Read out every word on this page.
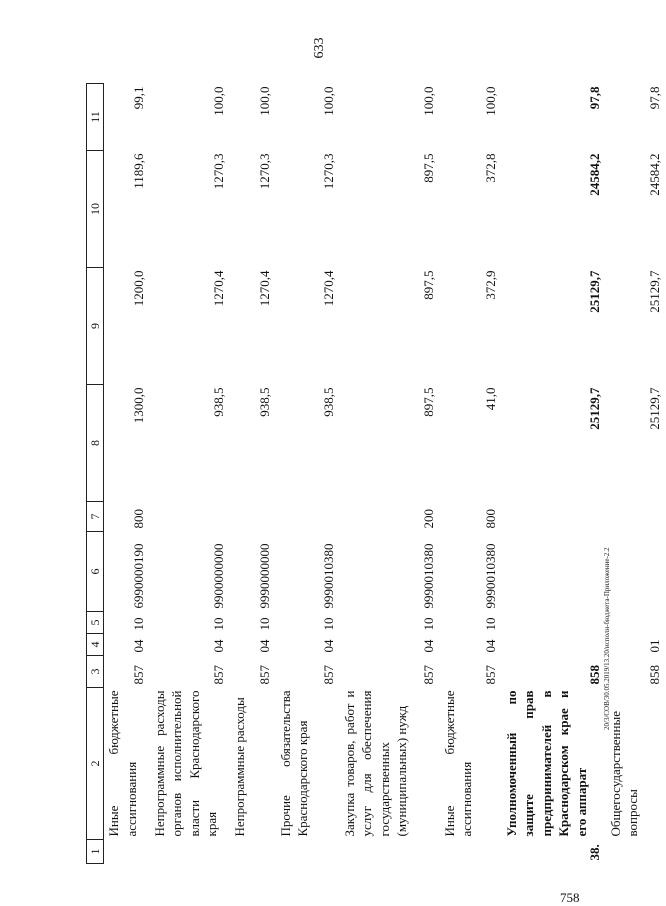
633
1	2	3	4	5	6	7	8	9	10	11
	Иные бюджетные ассигнования	857	04	10	6990000190	800	1300,0	1200,0	1189,6	99,1
	Непрограммные расходы органов исполнительной власти Краснодарского края	857	04	10	9900000000		938,5	1270,4	1270,3	100,0
	Непрограммные расходы	857	04	10	9990000000		938,5	1270,4	1270,3	100,0
	Прочие обязательства Краснодарского края	857	04	10	9990010380		938,5	1270,4	1270,3	100,0
	Закупка товаров, работ и услуг для обеспечения государственных (муниципальных) нужд	857	04	10	9990010380	200	897,5	897,5	897,5	100,0
	Иные бюджетные ассигнования	857	04	10	9990010380	800	41,0	372,9	372,8	100,0
38.	Уполномоченный по защите прав предпринимателей в Краснодарском крае и его аппарат	858					25129,7	25129,7	24584,2	97,8
	Общегосударственные вопросы	858	01				25129,7	25129,7	24584,2	97,8
20/3/СОВ/30.05.2019/13.20/исполн-бюджета-Приложение-2.2
758
